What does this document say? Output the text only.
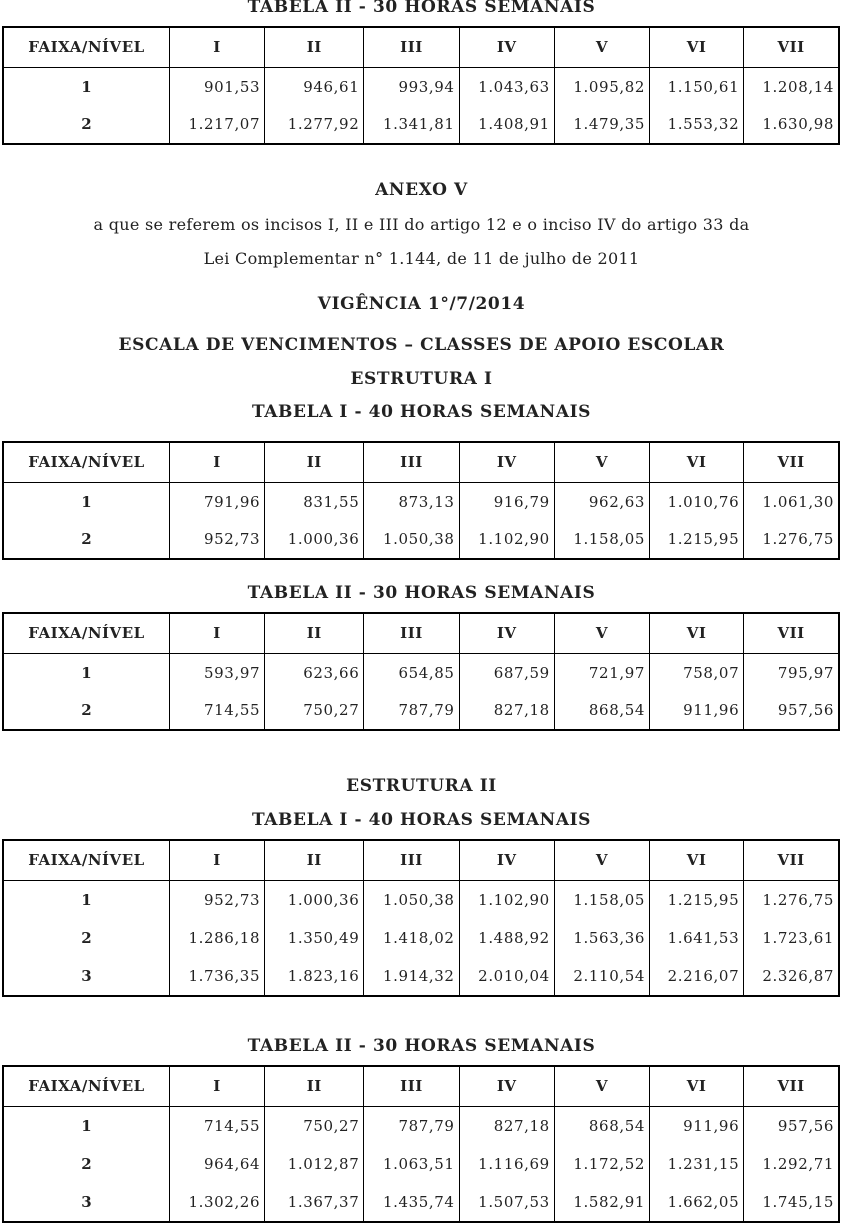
TABELA II - 30 HORAS SEMANAIS
FAIXA/NÍVEL	I	II	III	IV	V	VI	VII
1	901,53	946,61	993,94	1.043,63	1.095,82	1.150,61	1.208,14
2	1.217,07	1.277,92	1.341,81	1.408,91	1.479,35	1.553,32	1.630,98
ANEXO V
a que se referem os incisos I, II e III do artigo 12 e o inciso IV do artigo 33 da
Lei Complementar n° 1.144, de 11 de julho de 2011
VIGÊNCIA 1°/7/2014
ESCALA DE VENCIMENTOS – CLASSES DE APOIO ESCOLAR
ESTRUTURA I
TABELA I - 40 HORAS SEMANAIS
FAIXA/NÍVEL	I	II	III	IV	V	VI	VII
1	791,96	831,55	873,13	916,79	962,63	1.010,76	1.061,30
2	952,73	1.000,36	1.050,38	1.102,90	1.158,05	1.215,95	1.276,75
TABELA II - 30 HORAS SEMANAIS
FAIXA/NÍVEL	I	II	III	IV	V	VI	VII
1	593,97	623,66	654,85	687,59	721,97	758,07	795,97
2	714,55	750,27	787,79	827,18	868,54	911,96	957,56
ESTRUTURA II
TABELA I - 40 HORAS SEMANAIS
FAIXA/NÍVEL	I	II	III	IV	V	VI	VII
1	952,73	1.000,36	1.050,38	1.102,90	1.158,05	1.215,95	1.276,75
2	1.286,18	1.350,49	1.418,02	1.488,92	1.563,36	1.641,53	1.723,61
3	1.736,35	1.823,16	1.914,32	2.010,04	2.110,54	2.216,07	2.326,87
TABELA II - 30 HORAS SEMANAIS
FAIXA/NÍVEL	I	II	III	IV	V	VI	VII
1	714,55	750,27	787,79	827,18	868,54	911,96	957,56
2	964,64	1.012,87	1.063,51	1.116,69	1.172,52	1.231,15	1.292,71
3	1.302,26	1.367,37	1.435,74	1.507,53	1.582,91	1.662,05	1.745,15
